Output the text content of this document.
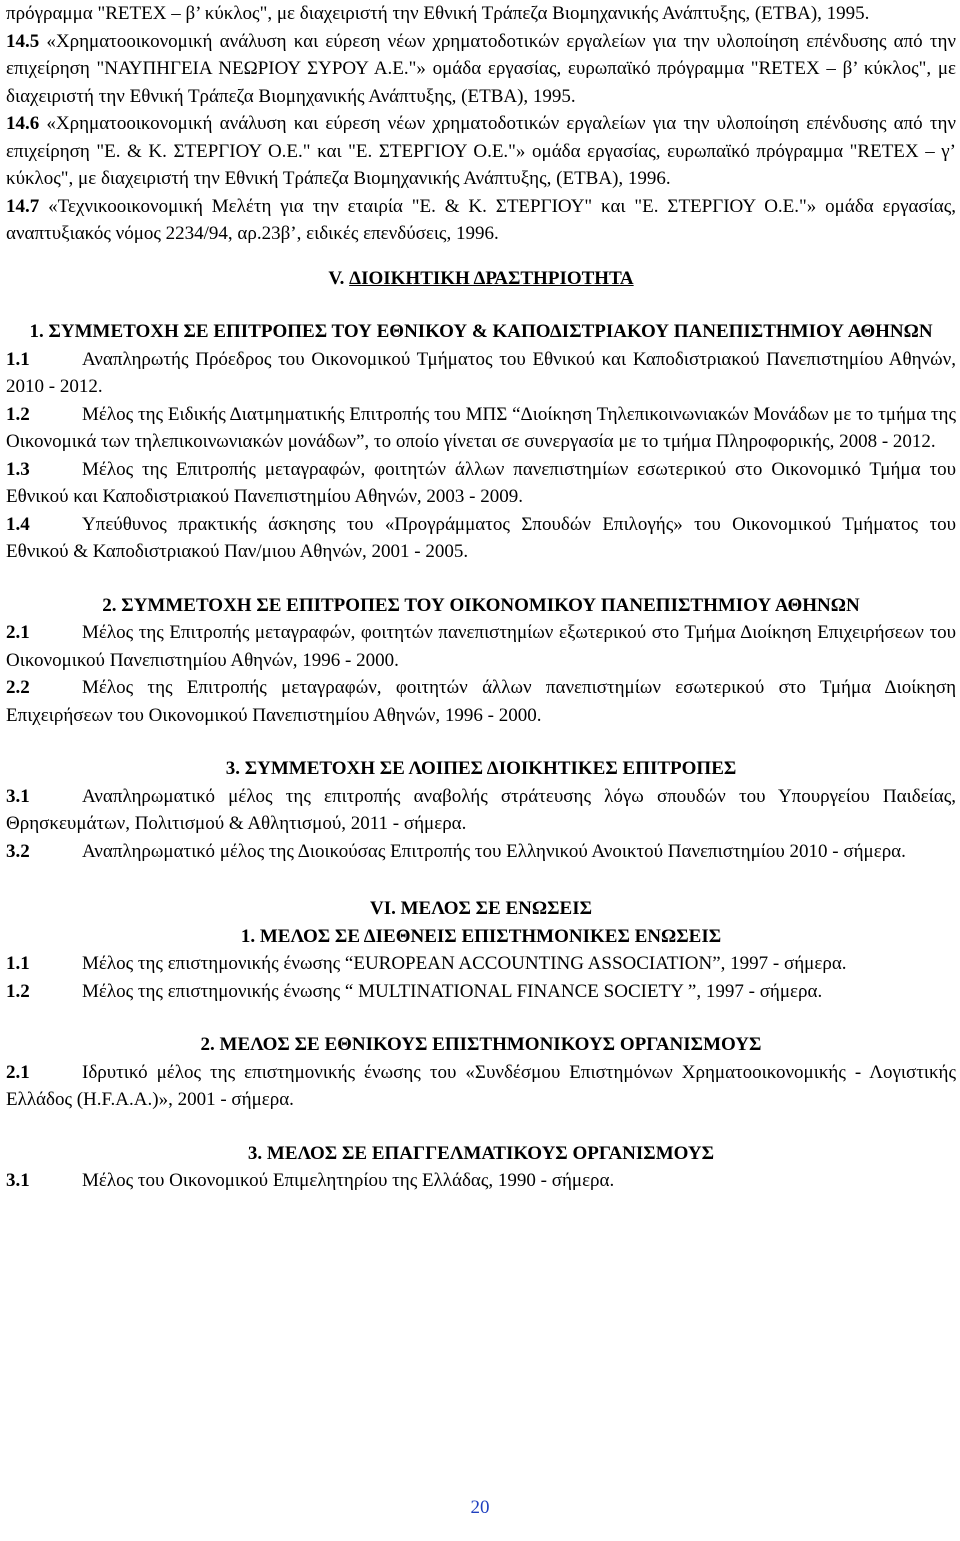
πρόγραμμα "RETEX – β’ κύκλος", με διαχειριστή την Εθνική Τράπεζα Βιομηχανικής Ανάπτυξης, (ΕΤΒΑ), 1995.

14.5 «Χρηματοοικονομική ανάλυση και εύρεση νέων χρηματοδοτικών εργαλείων για την υλοποίηση επένδυσης από την επιχείρηση "ΝΑΥΠΗΓΕΙΑ ΝΕΩΡΙΟΥ ΣΥΡΟΥ Α.Ε."» ομάδα εργασίας, ευρωπαϊκό πρόγραμμα "RETEX – β’ κύκλος", με διαχειριστή την Εθνική Τράπεζα Βιομηχανικής Ανάπτυξης, (ΕΤΒΑ), 1995.

14.6 «Χρηματοοικονομική ανάλυση και εύρεση νέων χρηματοδοτικών εργαλείων για την υλοποίηση επένδυσης από την επιχείρηση "Ε. & Κ. ΣΤΕΡΓΙΟΥ Ο.Ε." και "Ε. ΣΤΕΡΓΙΟΥ Ο.Ε."» ομάδα εργασίας, ευρωπαϊκό πρόγραμμα "RETEX – γ’ κύκλος", με διαχειριστή την Εθνική Τράπεζα Βιομηχανικής Ανάπτυξης, (ΕΤΒΑ), 1996.

14.7 «Τεχνικοοικονομική Μελέτη για την εταιρία "Ε. & Κ. ΣΤΕΡΓΙΟΥ" και "Ε. ΣΤΕΡΓΙΟΥ Ο.Ε."» ομάδα εργασίας, αναπτυξιακός νόμος 2234/94, αρ.23β’, ειδικές επενδύσεις, 1996.

V. ΔΙΟΙΚΗΤΙΚΗ ΔΡΑΣΤΗΡΙΟΤΗΤΑ
1. ΣΥΜΜΕΤΟΧΗ ΣΕ ΕΠΙΤΡΟΠΕΣ ΤΟΥ ΕΘΝΙΚΟΥ & ΚΑΠΟΔΙΣΤΡΙΑΚΟΥ ΠΑΝΕΠΙΣΤΗΜΙΟΥ ΑΘΗΝΩΝ

1.1	Αναπληρωτής Πρόεδρος του Οικονομικού Τμήματος του Εθνικού και Καποδιστριακού Πανεπιστημίου Αθηνών, 2010 - 2012.

1.2	Μέλος της Ειδικής Διατμηματικής Επιτροπής του ΜΠΣ “Διοίκηση Τηλεπικοινωνιακών Μονάδων με το τμήμα της Οικονομικά των τηλεπικοινωνιακών μονάδων”, το οποίο γίνεται σε συνεργασία με το τμήμα Πληροφορικής, 2008 - 2012.

1.3	Μέλος της Επιτροπής μεταγραφών, φοιτητών άλλων πανεπιστημίων εσωτερικού στο Οικονομικό Τμήμα του Εθνικού και Καποδιστριακού Πανεπιστημίου Αθηνών, 2003 - 2009.

1.4	Υπεύθυνος πρακτικής άσκησης του «Προγράμματος Σπουδών Επιλογής» του Οικονομικού Τμήματος του Εθνικού & Καποδιστριακού Παν/μιου Αθηνών, 2001 - 2005.

2. ΣΥΜΜΕΤΟΧΗ ΣΕ ΕΠΙΤΡΟΠΕΣ ΤΟΥ ΟΙΚΟΝΟΜΙΚΟΥ ΠΑΝΕΠΙΣΤΗΜΙΟΥ ΑΘΗΝΩΝ

2.1	Μέλος της Επιτροπής μεταγραφών, φοιτητών πανεπιστημίων εξωτερικού στο Τμήμα Διοίκηση Επιχειρήσεων του Οικονομικού Πανεπιστημίου Αθηνών, 1996 - 2000.

2.2	Μέλος της Επιτροπής μεταγραφών, φοιτητών άλλων πανεπιστημίων εσωτερικού στο Τμήμα Διοίκηση Επιχειρήσεων του Οικονομικού Πανεπιστημίου Αθηνών, 1996 - 2000.

3. ΣΥΜΜΕΤΟΧΗ ΣΕ ΛΟΙΠΕΣ ΔΙΟΙΚΗΤΙΚΕΣ ΕΠΙΤΡΟΠΕΣ

3.1	Αναπληρωματικό μέλος της επιτροπής αναβολής στράτευσης λόγω σπουδών του Υπουργείου Παιδείας, Θρησκευμάτων, Πολιτισμού & Αθλητισμού, 2011 - σήμερα.

3.2	Αναπληρωματικό μέλος της Διοικούσας Επιτροπής του Ελληνικού Ανοικτού Πανεπιστημίου 2010 - σήμερα.

VI. ΜΕΛΟΣ ΣΕ ΕΝΩΣΕΙΣ
1. ΜΕΛΟΣ ΣΕ ΔΙΕΘΝΕΙΣ ΕΠΙΣΤΗΜΟΝΙΚΕΣ ΕΝΩΣΕΙΣ

1.1	Μέλος της επιστημονικής ένωσης “EUROPEAN ACCOUNTING ASSOCIATION”, 1997 - σήμερα.

1.2	Μέλος της επιστημονικής ένωσης “ MULTINATIONAL FINANCE SOCIETY ”, 1997 - σήμερα.

2. ΜΕΛΟΣ ΣΕ ΕΘΝΙΚΟΥΣ ΕΠΙΣΤΗΜΟΝΙΚΟΥΣ ΟΡΓΑΝΙΣΜΟΥΣ

2.1	Ιδρυτικό μέλος της επιστημονικής ένωσης του «Συνδέσμου Επιστημόνων Χρηματοοικονομικής - Λογιστικής Ελλάδος (H.F.A.A.)», 2001 - σήμερα.

3. ΜΕΛΟΣ ΣΕ ΕΠΑΓΓΕΛΜΑΤΙΚΟΥΣ ΟΡΓΑΝΙΣΜΟΥΣ

3.1	Μέλος του Οικονομικού Επιμελητηρίου της Ελλάδας, 1990 - σήμερα.

20
